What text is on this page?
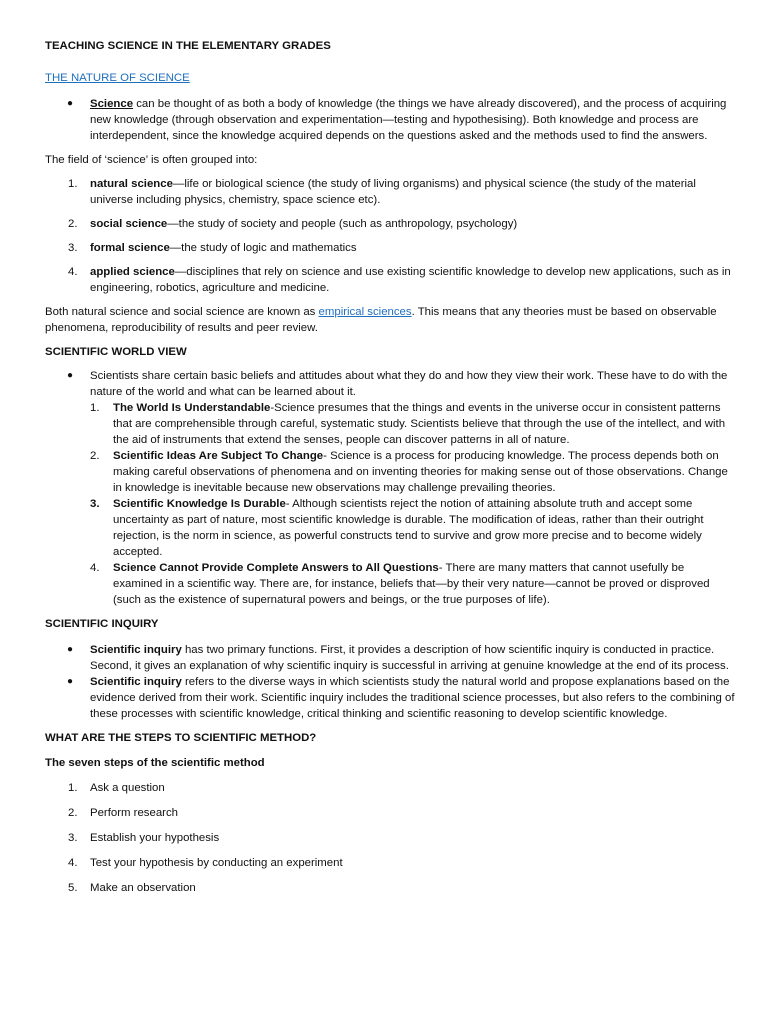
TEACHING SCIENCE IN THE ELEMENTARY GRADES
THE NATURE OF SCIENCE
● Science can be thought of as both a body of knowledge (the things we have already discovered), and the process of acquiring new knowledge (through observation and experimentation—testing and hypothesising). Both knowledge and process are interdependent, since the knowledge acquired depends on the questions asked and the methods used to find the answers.
The field of ‘science’ is often grouped into:
1. natural science—life or biological science (the study of living organisms) and physical science (the study of the material universe including physics, chemistry, space science etc).
2. social science—the study of society and people (such as anthropology, psychology)
3. formal science—the study of logic and mathematics
4. applied science—disciplines that rely on science and use existing scientific knowledge to develop new applications, such as in engineering, robotics, agriculture and medicine.
Both natural science and social science are known as empirical sciences. This means that any theories must be based on observable phenomena, reproducibility of results and peer review.
SCIENTIFIC WORLD VIEW
● Scientists share certain basic beliefs and attitudes about what they do and how they view their work. These have to do with the nature of the world and what can be learned about it.
1. The World Is Understandable-Science presumes that the things and events in the universe occur in consistent patterns that are comprehensible through careful, systematic study. Scientists believe that through the use of the intellect, and with the aid of instruments that extend the senses, people can discover patterns in all of nature.
2. Scientific Ideas Are Subject To Change- Science is a process for producing knowledge. The process depends both on making careful observations of phenomena and on inventing theories for making sense out of those observations. Change in knowledge is inevitable because new observations may challenge prevailing theories.
3. Scientific Knowledge Is Durable- Although scientists reject the notion of attaining absolute truth and accept some uncertainty as part of nature, most scientific knowledge is durable. The modification of ideas, rather than their outright rejection, is the norm in science, as powerful constructs tend to survive and grow more precise and to become widely accepted.
4. Science Cannot Provide Complete Answers to All Questions- There are many matters that cannot usefully be examined in a scientific way. There are, for instance, beliefs that—by their very nature—cannot be proved or disproved (such as the existence of supernatural powers and beings, or the true purposes of life).
SCIENTIFIC INQUIRY
● Scientific inquiry has two primary functions. First, it provides a description of how scientific inquiry is conducted in practice. Second, it gives an explanation of why scientific inquiry is successful in arriving at genuine knowledge at the end of its process.
● Scientific inquiry refers to the diverse ways in which scientists study the natural world and propose explanations based on the evidence derived from their work. Scientific inquiry includes the traditional science processes, but also refers to the combining of these processes with scientific knowledge, critical thinking and scientific reasoning to develop scientific knowledge.
WHAT ARE THE STEPS TO SCIENTIFIC METHOD?
The seven steps of the scientific method
1. Ask a question
2. Perform research
3. Establish your hypothesis
4. Test your hypothesis by conducting an experiment
5. Make an observation
